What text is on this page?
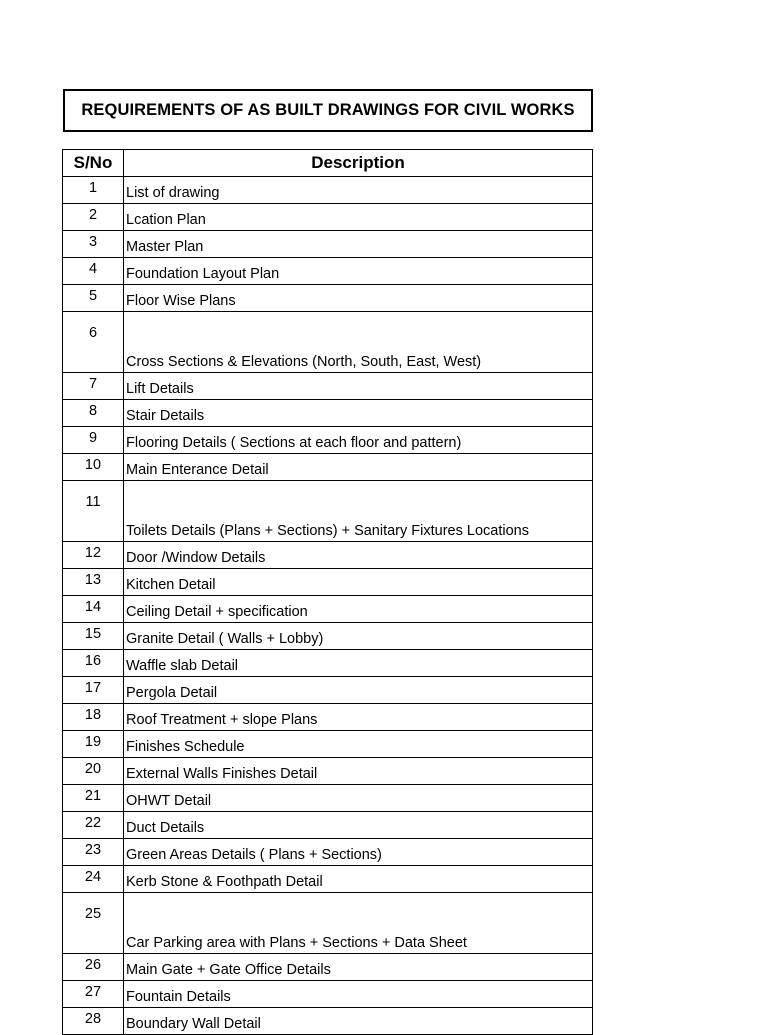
REQUIREMENTS OF AS BUILT DRAWINGS FOR CIVIL WORKS
S/No	Description
1	List of drawing
2	Lcation Plan
3	Master Plan
4	Foundation Layout Plan
5	Floor Wise Plans
6	Cross Sections & Elevations (North, South, East, West)
7	Lift Details
8	Stair Details
9	Flooring Details ( Sections at each floor and pattern)
10	Main Enterance Detail
11	Toilets Details (Plans + Sections) + Sanitary Fixtures Locations
12	Door /Window Details
13	Kitchen Detail
14	Ceiling Detail + specification
15	Granite Detail ( Walls + Lobby)
16	Waffle slab Detail
17	Pergola Detail
18	Roof Treatment + slope Plans
19	Finishes Schedule
20	External Walls Finishes Detail
21	OHWT Detail
22	Duct Details
23	Green Areas Details ( Plans + Sections)
24	Kerb Stone & Foothpath Detail
25	Car Parking area with Plans + Sections + Data Sheet
26	Main Gate + Gate Office Details
27	Fountain Details
28	Boundary Wall Detail
